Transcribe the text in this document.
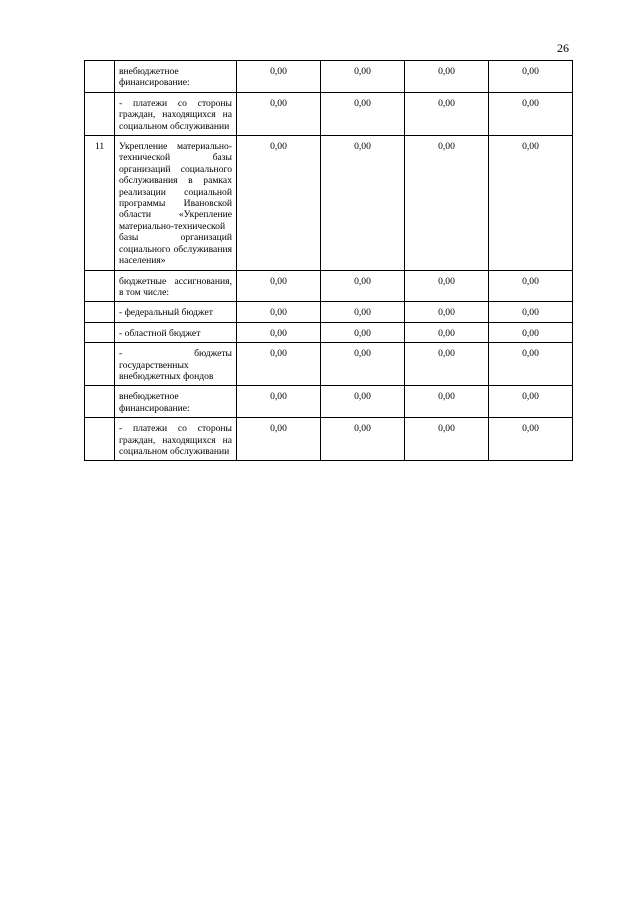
26
	внебюджетное финансирование:	0,00	0,00	0,00	0,00
	- платежи со стороны граждан, находящихся на социальном обслуживании	0,00	0,00	0,00	0,00
11	Укрепление материально-технической базы организаций социального обслуживания в рамках реализации социальной программы Ивановской области «Укрепление материально-технической базы организаций социального обслуживания населения»	0,00	0,00	0,00	0,00
	бюджетные ассигнования, в том числе:	0,00	0,00	0,00	0,00
	- федеральный бюджет	0,00	0,00	0,00	0,00
	- областной бюджет	0,00	0,00	0,00	0,00
	- бюджеты государственных внебюджетных фондов	0,00	0,00	0,00	0,00
	внебюджетное финансирование:	0,00	0,00	0,00	0,00
	- платежи со стороны граждан, находящихся на социальном обслуживании	0,00	0,00	0,00	0,00
